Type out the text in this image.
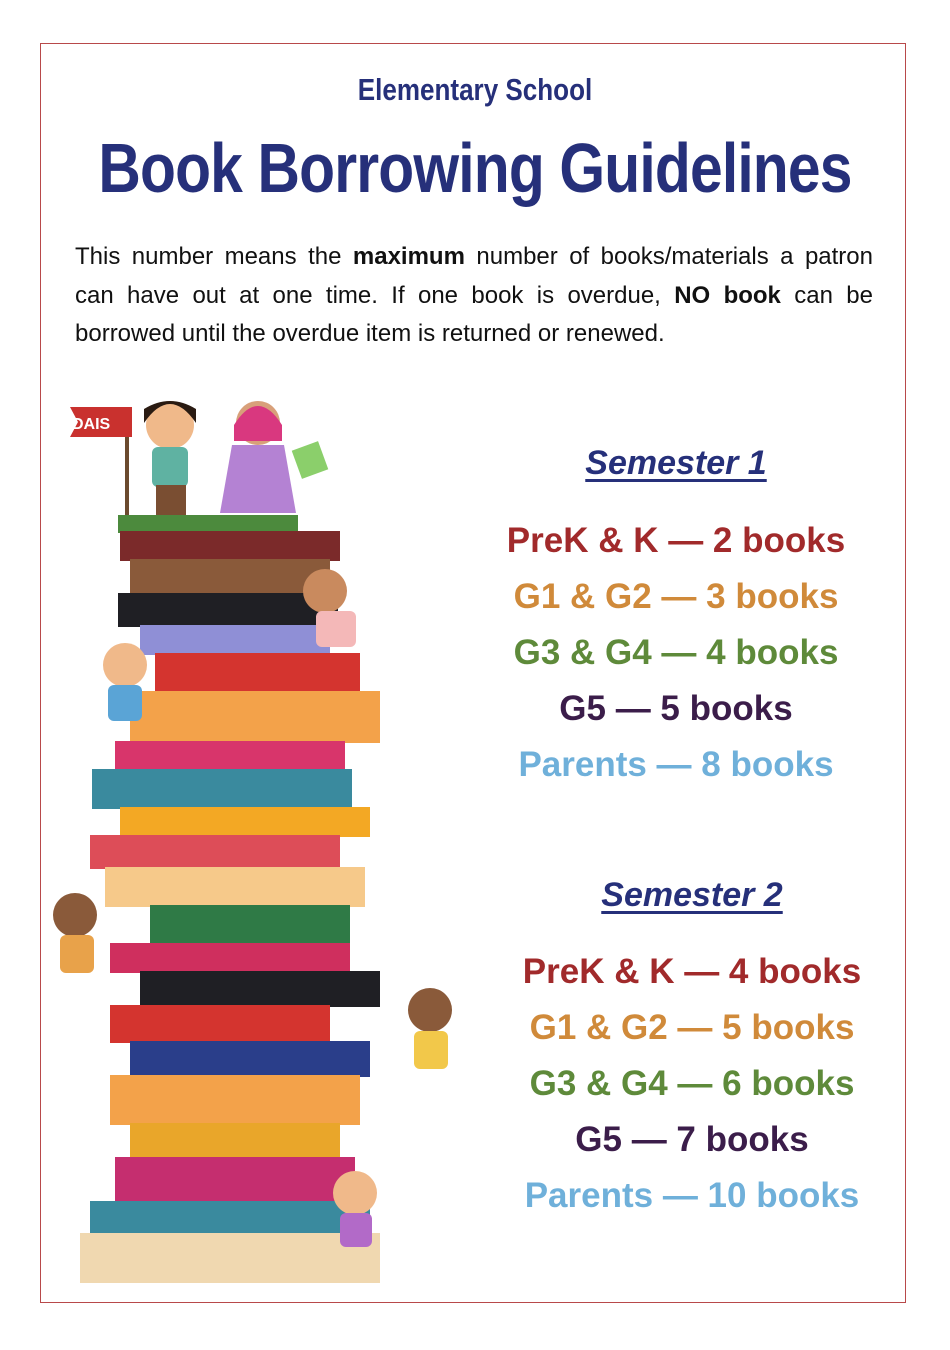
Elementary School
Book Borrowing Guidelines
This number means the maximum number of books/materials a patron can have out at one time. If one book is overdue, NO book can be borrowed until the overdue item is returned or renewed.
DAIS
Semester 1
PreK & K — 2 books
G1 & G2 — 3 books
G3 & G4 — 4 books
G5 — 5 books
Parents — 8 books
Semester 2
PreK & K — 4 books
G1 & G2 — 5 books
G3 & G4 — 6 books
G5 — 7 books
Parents — 10 books
